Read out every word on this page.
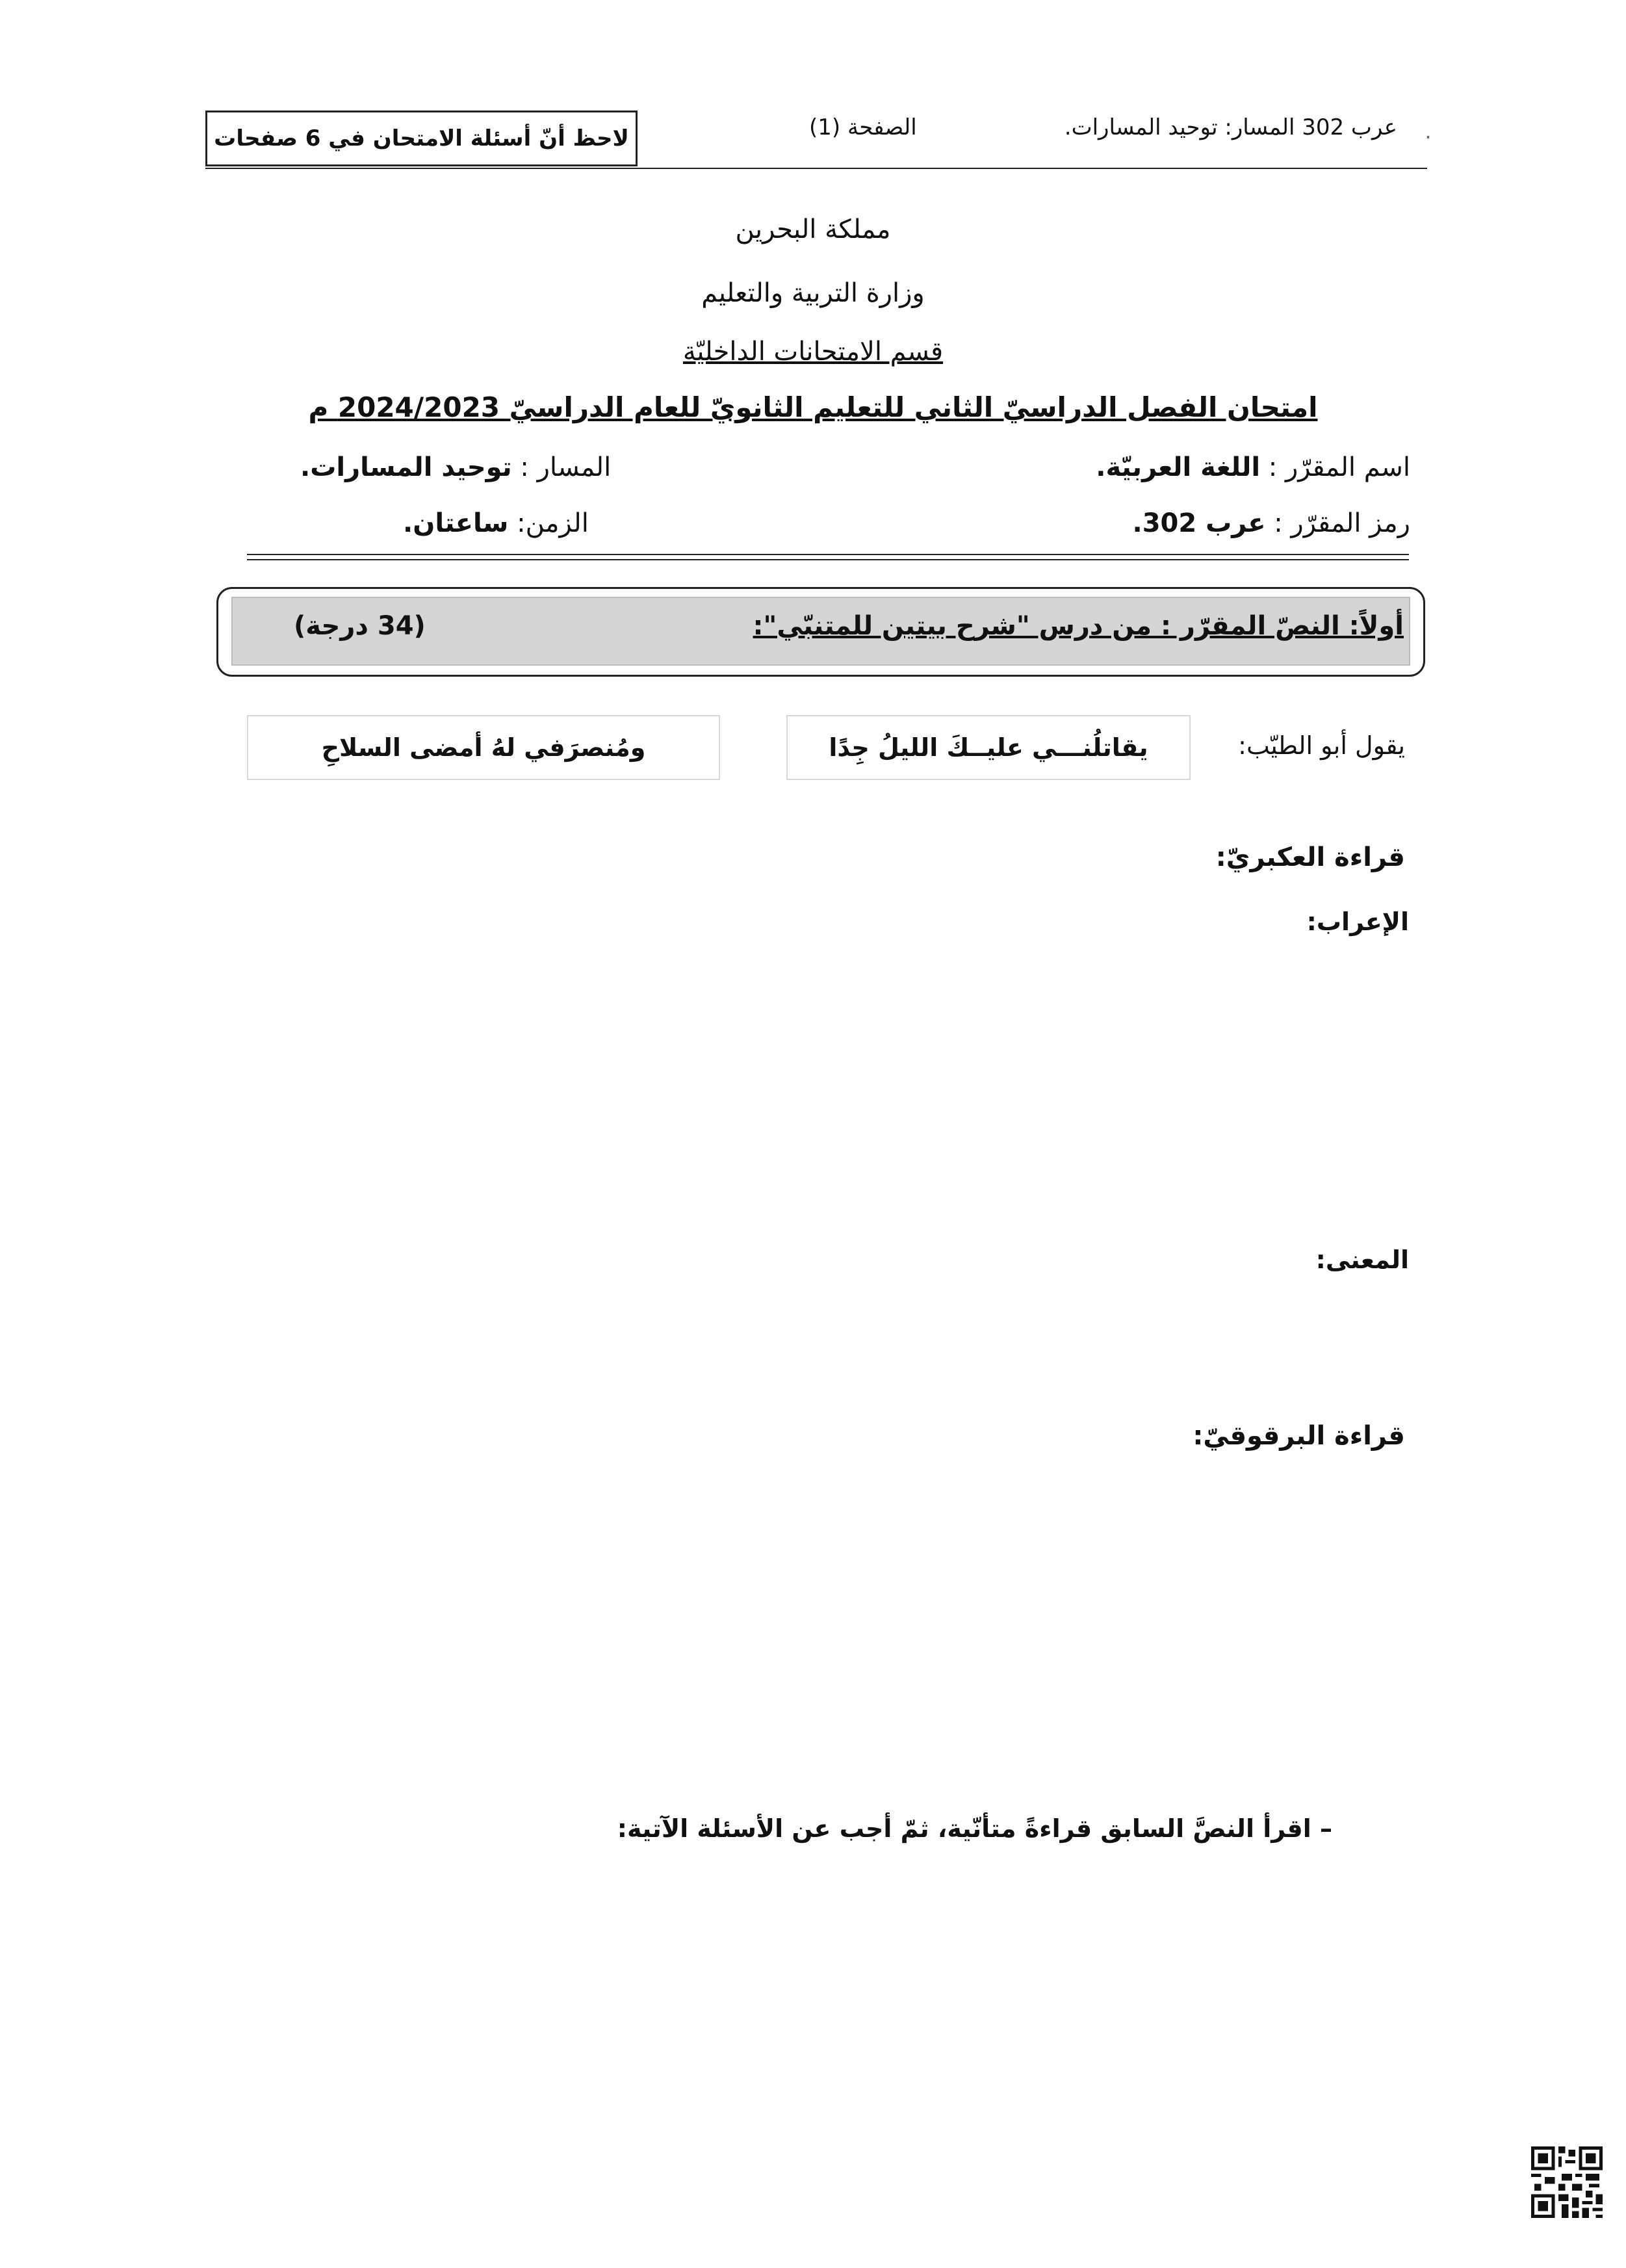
لاحظ أنّ أسئلة الامتحان في 6 صفحات	الصفحة (1)	عرب 302 المسار: توحيد المسارات. ٠
مملكة البحرين
وزارة التربية والتعليم
قسم الامتحانات الداخليّة
امتحان الفصل الدراسيّ الثاني للتعليم الثانويّ للعام الدراسيّ 2024/2023 م
اسم المقرّر : اللغة العربيّة.
المسار : توحيد المسارات.
رمز المقرّر : عرب 302.
الزمن: ساعتان.
أولاً: النصّ المقرّر : من درس "شرح بيتين للمتنبّي":
(34 درجة)
يقول أبو الطيّب:
يقاتلُنـــي عليــكَ الليلُ جِدًا
ومُنصرَفي لهُ أمضى السلاحِ
قراءة العكبريّ:
الإعراب:
المعنى:
قراءة البرقوقيّ:
– اقرأ النصَّ السابق قراءةً متأنّية، ثمّ أجب عن الأسئلة الآتية:
